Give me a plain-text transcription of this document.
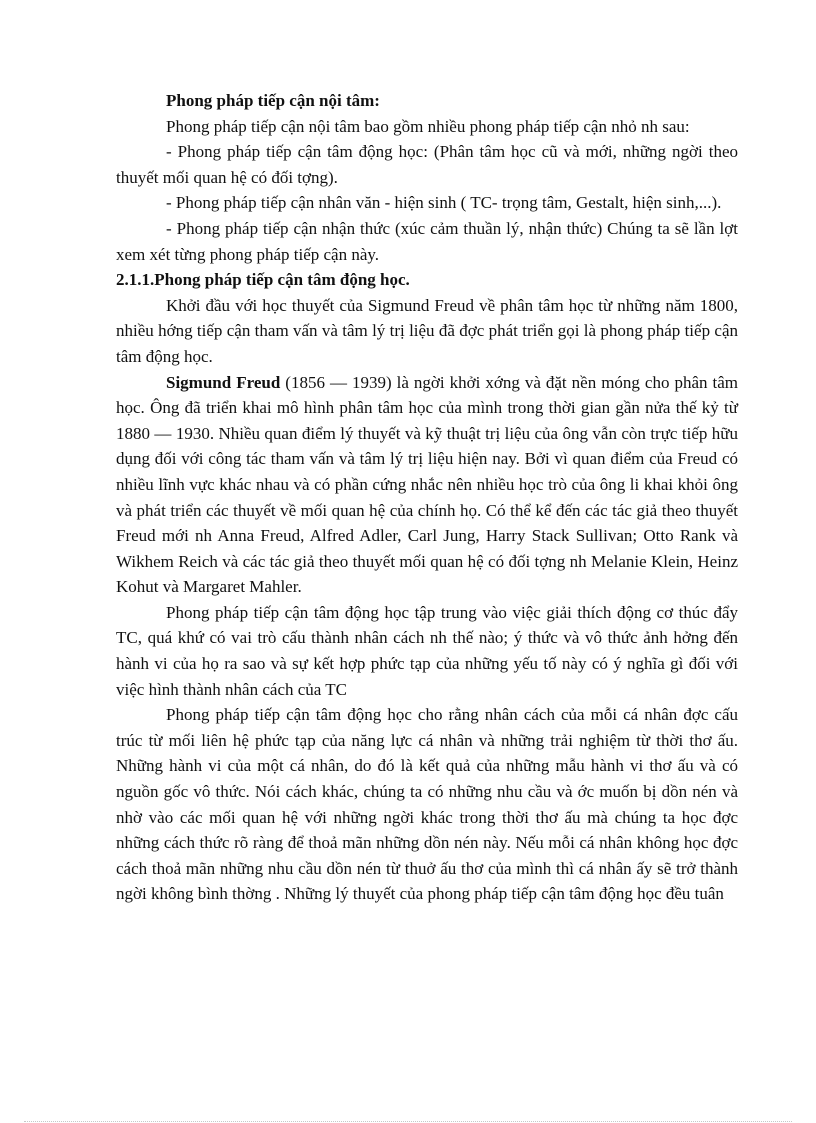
Phong pháp tiếp cận nội tâm:

Phong pháp tiếp cận nội tâm bao gồm nhiều phong pháp tiếp cận nhỏ nh sau:

- Phong pháp tiếp cận tâm động học: (Phân tâm học cũ và mới, những ngời theo thuyết mối quan hệ có đối tợng).

- Phong pháp tiếp cận nhân văn - hiện sinh ( TC- trọng tâm, Gestalt, hiện sinh,...).

- Phong pháp tiếp cận nhận thức (xúc cảm thuần lý, nhận thức) Chúng ta sẽ lần lợt xem xét từng phong pháp tiếp cận này.

2.1.1.Phong pháp tiếp cận tâm động học.

Khởi đầu với học thuyết của Sigmund Freud về phân tâm học từ những năm 1800, nhiều hớng tiếp cận tham vấn và tâm lý trị liệu đã đợc phát triển gọi là phong pháp tiếp cận tâm động học.

Sigmund Freud (1856 — 1939) là ngời khởi xớng và đặt nền móng cho phân tâm học. Ông đã triển khai mô hình phân tâm học của mình trong thời gian gần nửa thế kỷ từ 1880 — 1930. Nhiều quan điểm lý thuyết và kỹ thuật trị liệu của ông vẫn còn trực tiếp hữu dụng đối với công tác tham vấn và tâm lý trị liệu hiện nay. Bởi vì quan điểm của Freud có nhiều lĩnh vực khác nhau và có phần cứng nhắc nên nhiều học trò của ông li khai khỏi ông và phát triển các thuyết về mối quan hệ của chính họ. Có thể kể đến các tác giả theo thuyết Freud mới nh Anna Freud, Alfred Adler, Carl Jung, Harry Stack Sullivan; Otto Rank và Wikhem Reich và các tác giả theo thuyết mối quan hệ có đối tợng nh Melanie Klein, Heinz Kohut và Margaret Mahler.

Phong pháp tiếp cận tâm động học tập trung vào việc giải thích động cơ thúc đẩy TC, quá khứ có vai trò cấu thành nhân cách nh thế nào; ý thức và vô thức ảnh hởng đến hành vi của họ ra sao và sự kết hợp phức tạp của những yếu tố này có ý nghĩa gì đối với việc hình thành nhân cách của TC

Phong pháp tiếp cận tâm động học cho rằng nhân cách của mỗi cá nhân đợc cấu trúc từ mối liên hệ phức tạp của năng lực cá nhân và những trải nghiệm từ thời thơ ấu. Những hành vi của một cá nhân, do đó là kết quả của những mẫu hành vi thơ ấu và có nguồn gốc vô thức. Nói cách khác, chúng ta có những nhu cầu và ớc muốn bị dồn nén và nhờ vào các mối quan hệ với những ngời khác trong thời thơ ấu mà chúng ta học đợc những cách thức rõ ràng để thoả mãn những dồn nén này. Nếu mỗi cá nhân không học đợc cách thoả mãn những nhu cầu dồn nén từ thuở ấu thơ của mình thì cá nhân ấy sẽ trở thành ngời không bình thờng . Những lý thuyết của phong pháp tiếp cận tâm động học đều tuân
